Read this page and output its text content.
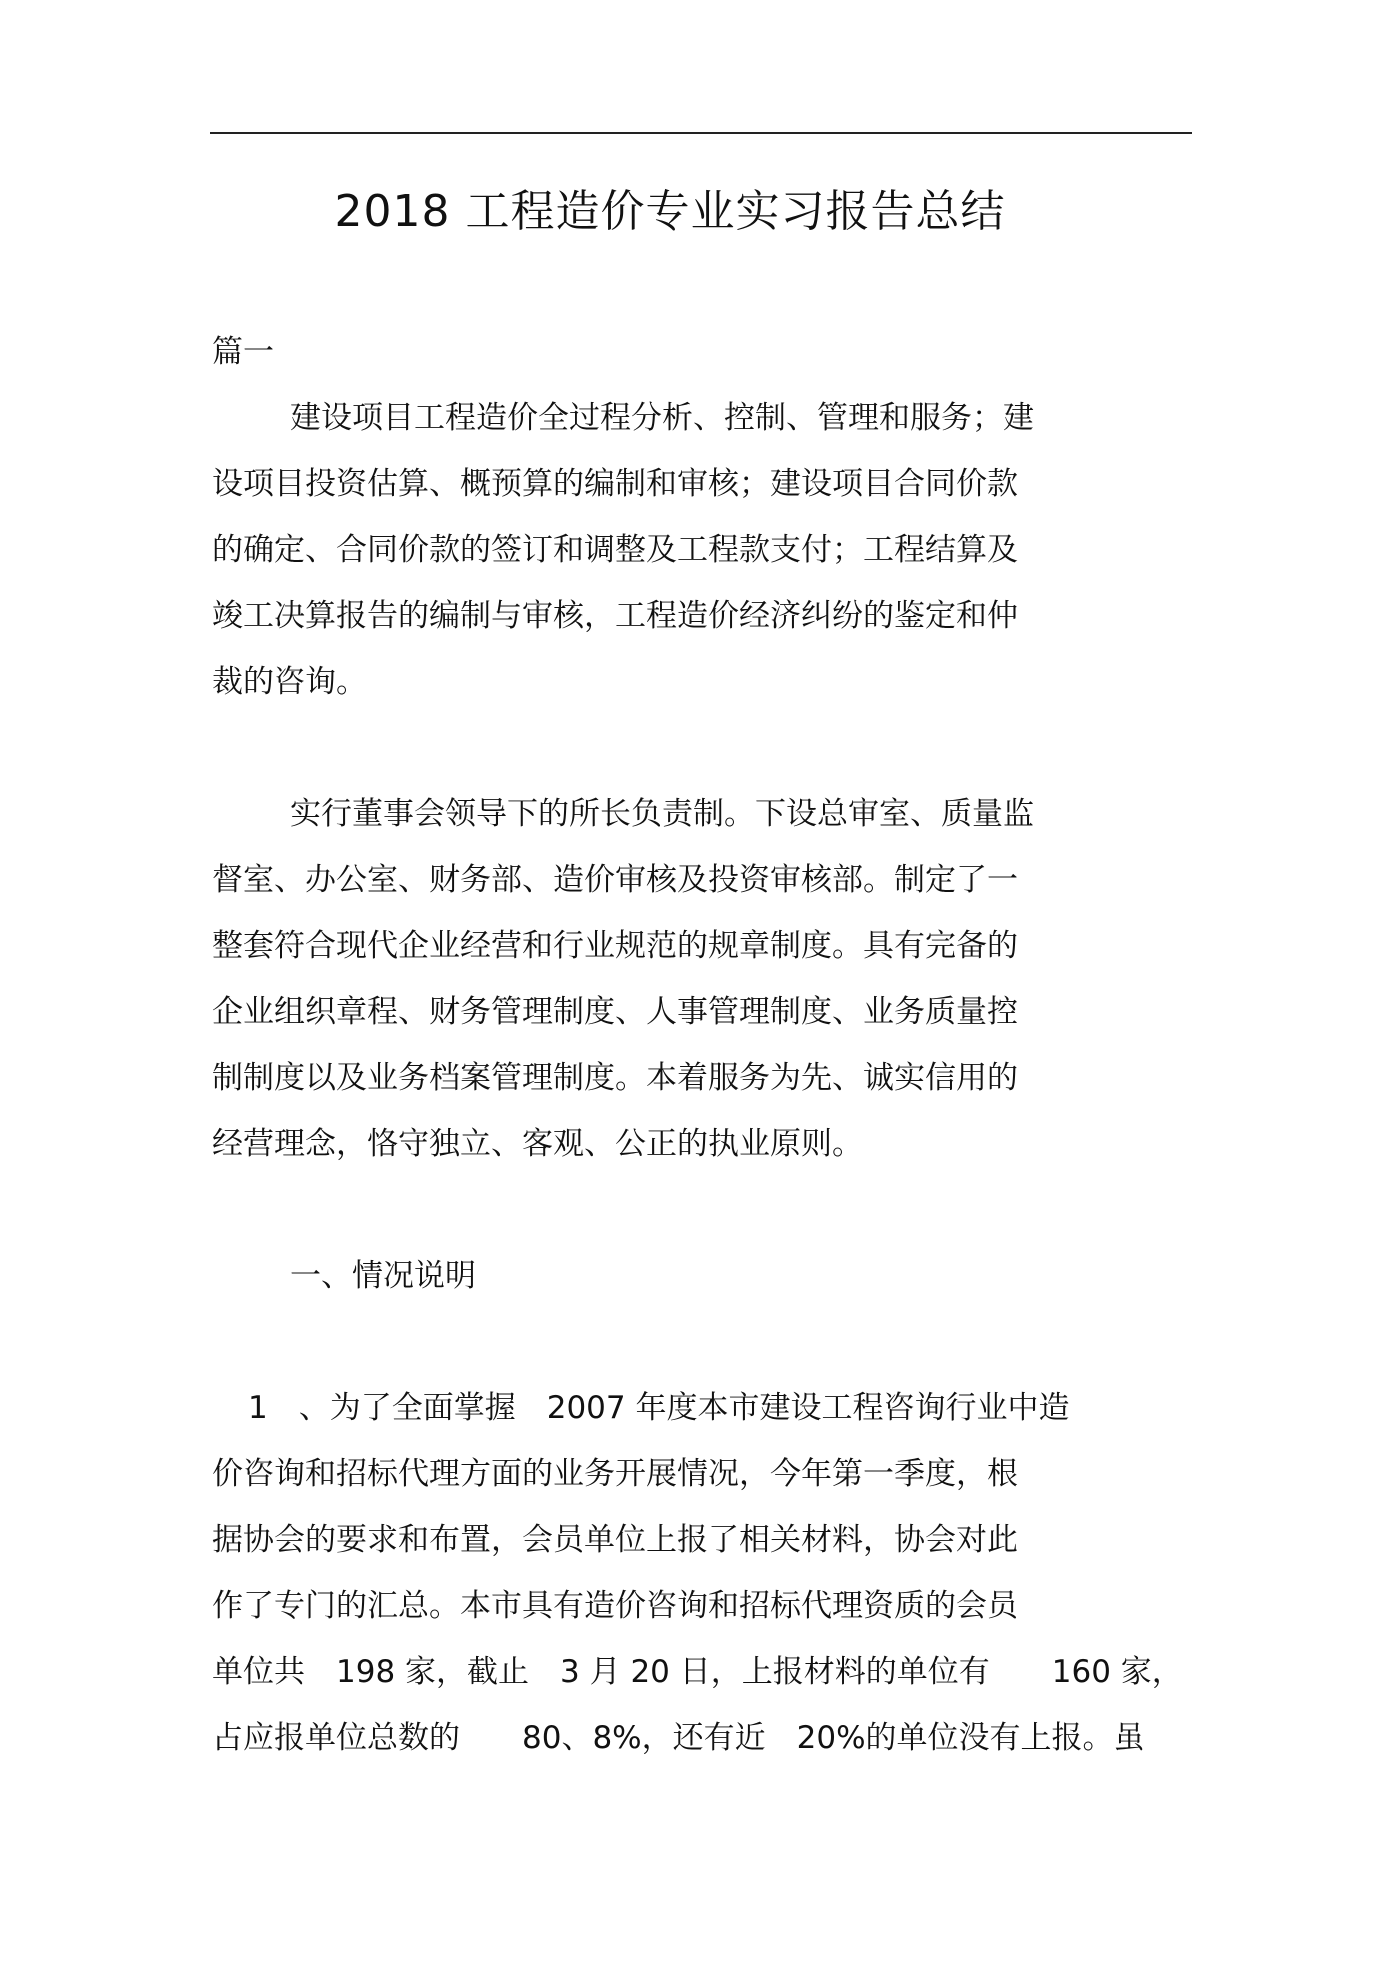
2018 工程造价专业实习报告总结
篇一
建设项目工程造价全过程分析、控制、管理和服务；建
设项目投资估算、概预算的编制和审核；建设项目合同价款
的确定、合同价款的签订和调整及工程款支付；工程结算及
竣工决算报告的编制与审核，工程造价经济纠纷的鉴定和仲
裁的咨询。
实行董事会领导下的所长负责制。下设总审室、质量监
督室、办公室、财务部、造价审核及投资审核部。制定了一
整套符合现代企业经营和行业规范的规章制度。具有完备的
企业组织章程、财务管理制度、人事管理制度、业务质量控
制制度以及业务档案管理制度。本着服务为先、诚实信用的
经营理念，恪守独立、客观、公正的执业原则。
一、情况说明
1　、为了全面掌握　2007 年度本市建设工程咨询行业中造
价咨询和招标代理方面的业务开展情况，今年第一季度，根
据协会的要求和布置，会员单位上报了相关材料，协会对此
作了专门的汇总。本市具有造价咨询和招标代理资质的会员
单位共　198 家，截止　3 月 20 日，上报材料的单位有　　160 家，
占应报单位总数的　　80、8%，还有近　20%的单位没有上报。虽
